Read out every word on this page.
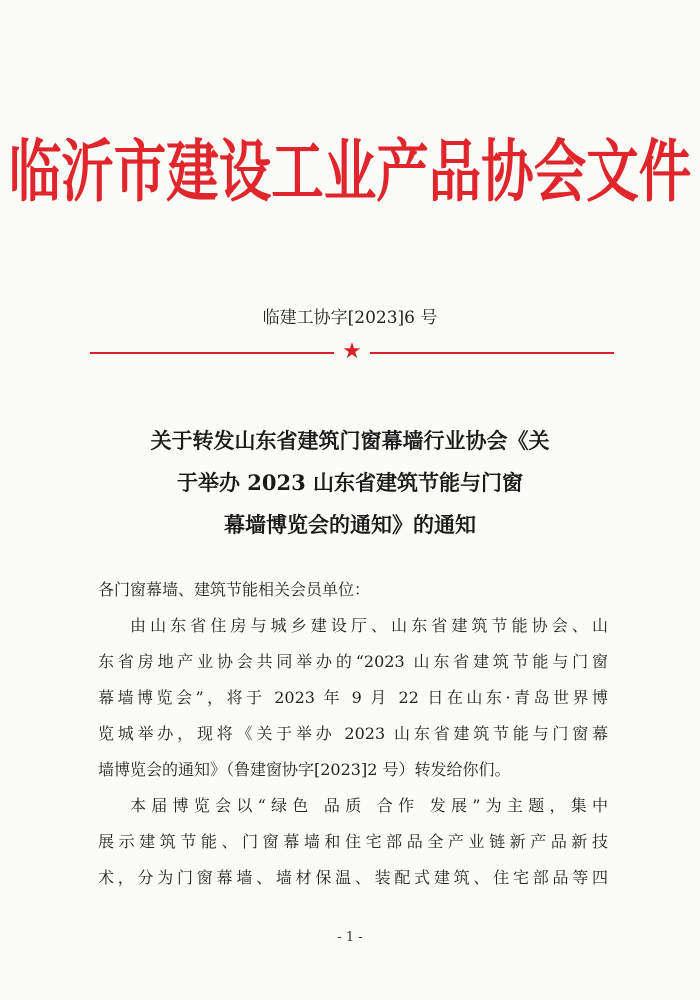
临沂市建设工业产品协会文件
临建工协字[2023]6 号
★
关于转发山东省建筑门窗幕墙行业协会《关
于举办 2023 山东省建筑节能与门窗
幕墙博览会的通知》的通知
各门窗幕墙、建筑节能相关会员单位：
由山东省住房与城乡建设厅、山东省建筑节能协会、山
东省房地产业协会共同举办的“2023 山东省建筑节能与门窗
幕墙博览会”，将于 2023 年 9 月 22 日在山东·青岛世界博
览城举办，现将《关于举办 2023 山东省建筑节能与门窗幕
墙博览会的通知》（鲁建窗协字[2023]2 号）转发给你们。
本届博览会以“绿色 品质 合作 发展”为主题，集中
展示建筑节能、门窗幕墙和住宅部品全产业链新产品新技
术，分为门窗幕墙、墙材保温、装配式建筑、住宅部品等四
- 1 -
